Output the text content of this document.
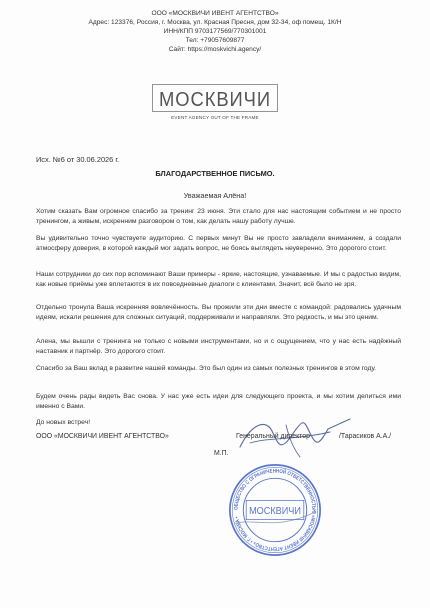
ООО «МОСКВИЧИ ИВЕНТ АГЕНТСТВО»
Адрес: 123376, Россия, г. Москва, ул. Красная Пресня, дом 32-34, оф помещ. 1К/Н
ИНН/КПП 9703177569/770301001
Тел: +79057609877
Сайт: https://moskvichi.agency/
МОСКВИЧИ
EVENT AGENCY OUT OF THE FRAME
Исх. №6 от 30.06.2026 г.
БЛАГОДАРСТВЕННОЕ ПИСЬМО.
Уважаемая Алёна!
Хотим сказать Вам огромное спасибо за тренинг 23 июня. Эти стало для нас настоящим событием и не просто тренингом, а живым, искренним разговором о том, как делать нашу работу лучше.
Вы удивительно точно чувствуете аудиторию. С первых минут Вы не просто завладели вниманием, а создали атмосферу доверия, в которой каждый мог задать вопрос, не боясь выглядеть неуверенно. Это дорогого стоит.
Наши сотрудники до сих пор вспоминают Ваши примеры - яркие, настоящие, узнаваемые. И мы с радостью видим, как новые приёмы уже вплетаются в их повседневные диалоги с клиентами. Значит, всё было не зря.
Отдельно тронула Ваша искренняя вовлечённость. Вы прожили эти дни вместе с командой: радовались удачным идеям, искали решения для сложных ситуаций, поддерживали и направляли. Это редкость, и мы это ценим.
Алена, мы вышли с тренинга не только с новыми инструментами, но и с ощущением, что у нас есть надёжный наставник и партнёр. Это дорогого стоит.
Спасибо за Ваш вклад в развитие нашей команды. Это был один из самых полезных тренингов в этом году.
Будем очень рады видеть Вас снова. У нас уже есть идеи для следующего проекта, и мы хотим делиться ими именно с Вами.
До новых встреч!
ООО «МОСКВИЧИ ИВЕНТ АГЕНТСТВО»	Генеральный директор	/Тарасиков А.А./
М.П.
ОБЩЕСТВО С ОГРАНИЧЕННОЙ ОТВЕТСТВЕННОСТЬЮ «МОСКВИЧИ ИВЕНТ АГЕНТСТВО» • Г. МОСКВА •
МОСКВИЧИ
